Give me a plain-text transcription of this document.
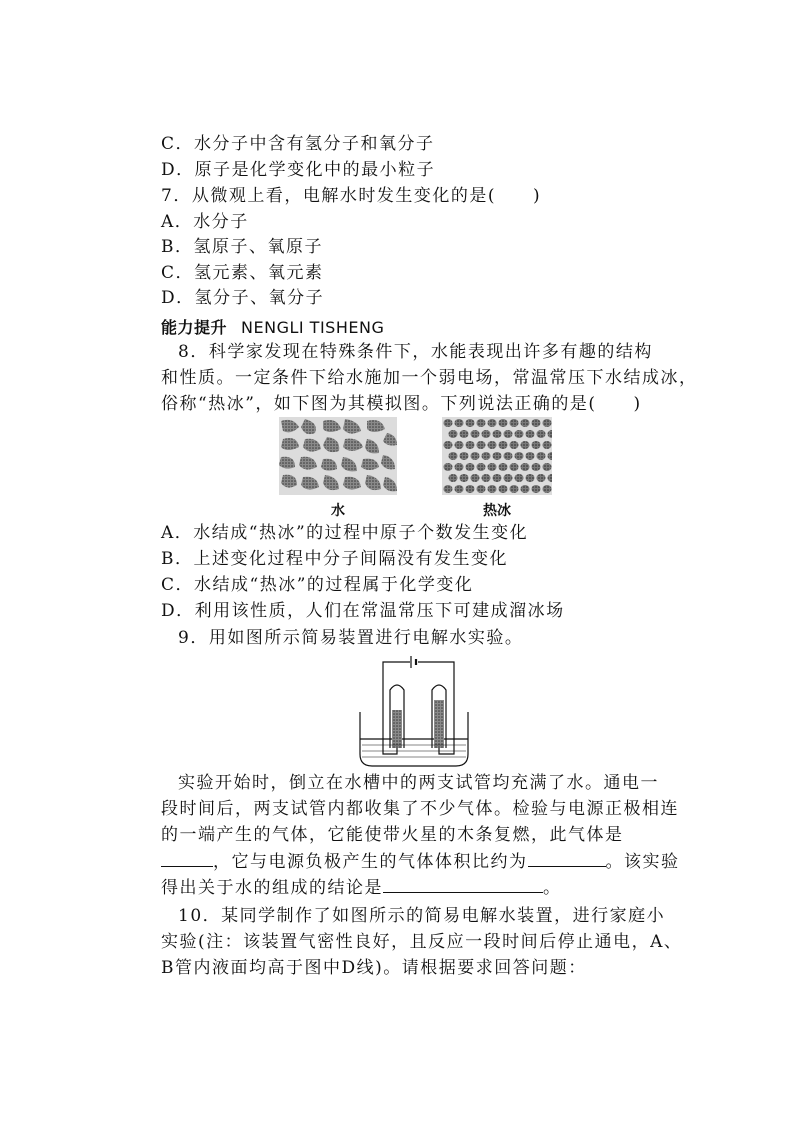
C．水分子中含有氢分子和氧分子
D．原子是化学变化中的最小粒子
7．从微观上看，电解水时发生变化的是(　　)
A．水分子
B．氢原子、氧原子
C．氢元素、氧元素
D．氢分子、氧分子
能力提升 NENGLI TISHENG
8．科学家发现在特殊条件下，水能表现出许多有趣的结构
和性质。一定条件下给水施加一个弱电场，常温常压下水结成冰，
俗称“热冰”，如下图为其模拟图。下列说法正确的是(　　)
水	热冰
A．水结成“热冰”的过程中原子个数发生变化
B．上述变化过程中分子间隔没有发生变化
C．水结成“热冰”的过程属于化学变化
D．利用该性质，人们在常温常压下可建成溜冰场
9．用如图所示简易装置进行电解水实验。
实验开始时，倒立在水槽中的两支试管均充满了水。通电一
段时间后，两支试管内都收集了不少气体。检验与电源正极相连
的一端产生的气体，它能使带火星的木条复燃，此气体是
，它与电源负极产生的气体体积比约为	。该实验
得出关于水的组成的结论是	。
10．某同学制作了如图所示的简易电解水装置，进行家庭小
实验(注：该装置气密性良好，且反应一段时间后停止通电，A、
B管内液面均高于图中D线)。请根据要求回答问题：
